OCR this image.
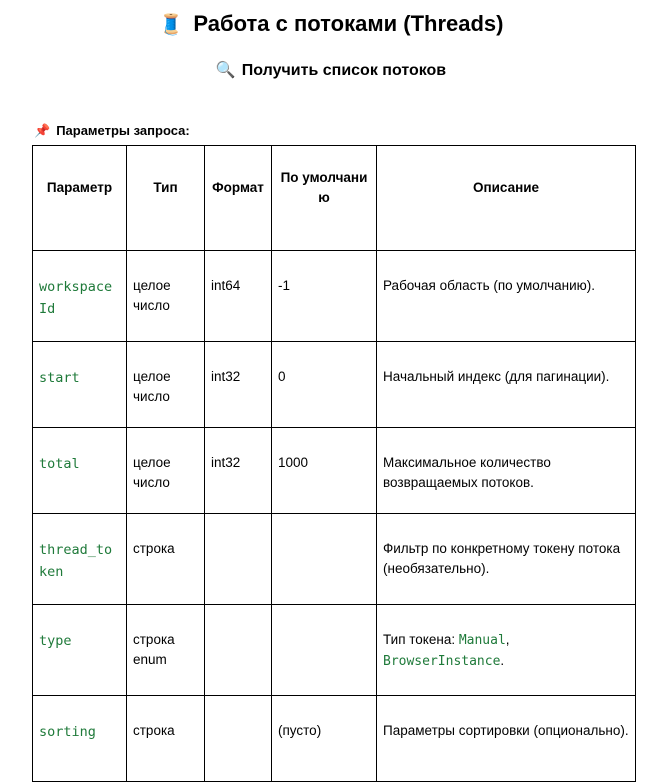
🧵 Работа с потоками (Threads)
🔍 Получить список потоков
📌 Параметры запроса:
Параметр	Тип	Формат	По умолчанию	Описание

workspaceId	целое число	int64	-1	Рабочая область (по умолчанию).

start	целое число	int32	0	Начальный индекс (для пагинации).

total	целое число	int32	1000	Максимальное количество возвращаемых потоков.

thread_token	строка			Фильтр по конкретному токену потока (необязательно).

type	строка enum			Тип токена: Manual,
BrowserInstance.

sorting	строка		(пусто)	Параметры сортировки (опционально).
